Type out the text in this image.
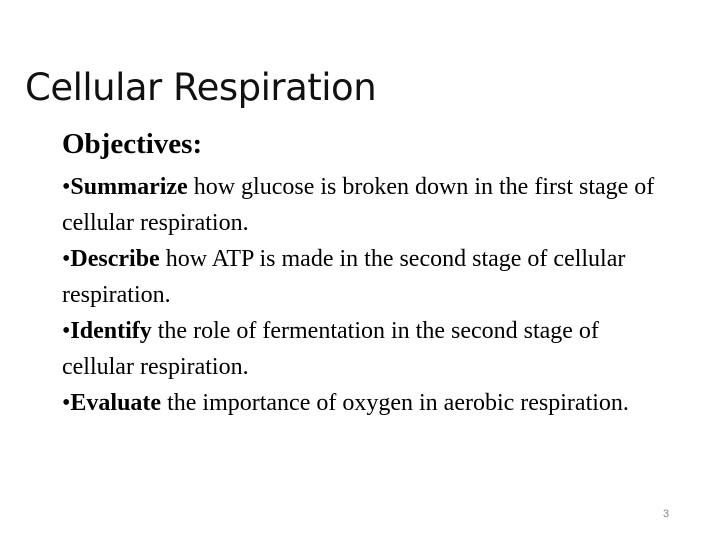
Cellular Respiration
Objectives:

•Summarize how glucose is broken down in the first stage of cellular respiration.

•Describe how ATP is made in the second stage of cellular respiration.

•Identify the role of fermentation in the second stage of cellular respiration.

•Evaluate the importance of oxygen in aerobic respiration.

3
